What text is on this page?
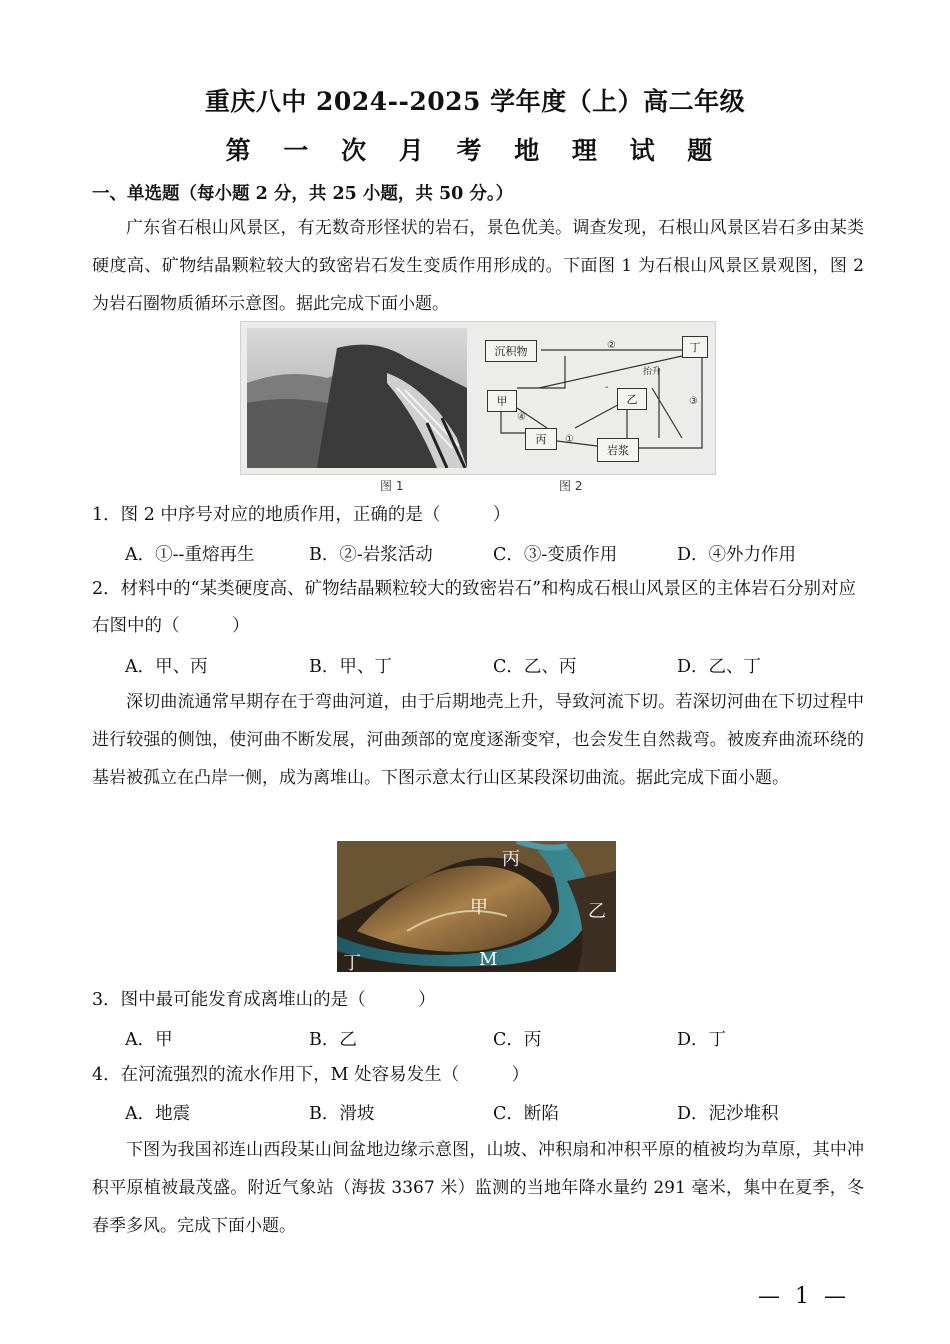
重庆八中 2024--2025 学年度（上）高二年级
第 一 次 月 考 地 理 试 题
一、单选题（每小题 2 分，共 25 小题，共 50 分。）
广东省石根山风景区，有无数奇形怪状的岩石，景色优美。调查发现，石根山风景区岩石多由某类硬度高、矿物结晶颗粒较大的致密岩石发生变质作用形成的。下面图 1 为石根山风景区景观图，图 2 为岩石圈物质循环示意图。据此完成下面小题。
沉积物	丁
甲	乙
丙
岩浆
②
④
①
③
抬升
-
图 1	图 2
1．图 2 中序号对应的地质作用，正确的是（　　　）
A．①--重熔再生	B．②-岩浆活动	C．③-变质作用	D．④外力作用
2．材料中的“某类硬度高、矿物结晶颗粒较大的致密岩石”和构成石根山风景区的主体岩石分别对应右图中的（　　　）
A．甲、丙	B．甲、丁	C．乙、丙	D．乙、丁
深切曲流通常早期存在于弯曲河道，由于后期地壳上升，导致河流下切。若深切河曲在下切过程中进行较强的侧蚀，使河曲不断发展，河曲颈部的宽度逐渐变窄，也会发生自然裁弯。被废弃曲流环绕的基岩被孤立在凸岸一侧，成为离堆山。下图示意太行山区某段深切曲流。据此完成下面小题。
丙
甲	乙
丁	M
3．图中最可能发育成离堆山的是（　　　）
A．甲	B．乙	C．丙	D．丁
4．在河流强烈的流水作用下，M 处容易发生（　　　）
A．地震	B．滑坡	C．断陷	D．泥沙堆积
下图为我国祁连山西段某山间盆地边缘示意图，山坡、冲积扇和冲积平原的植被均为草原，其中冲积平原植被最茂盛。附近气象站（海拔 3367 米）监测的当地年降水量约 291 毫米，集中在夏季，冬春季多风。完成下面小题。
— 1 —
